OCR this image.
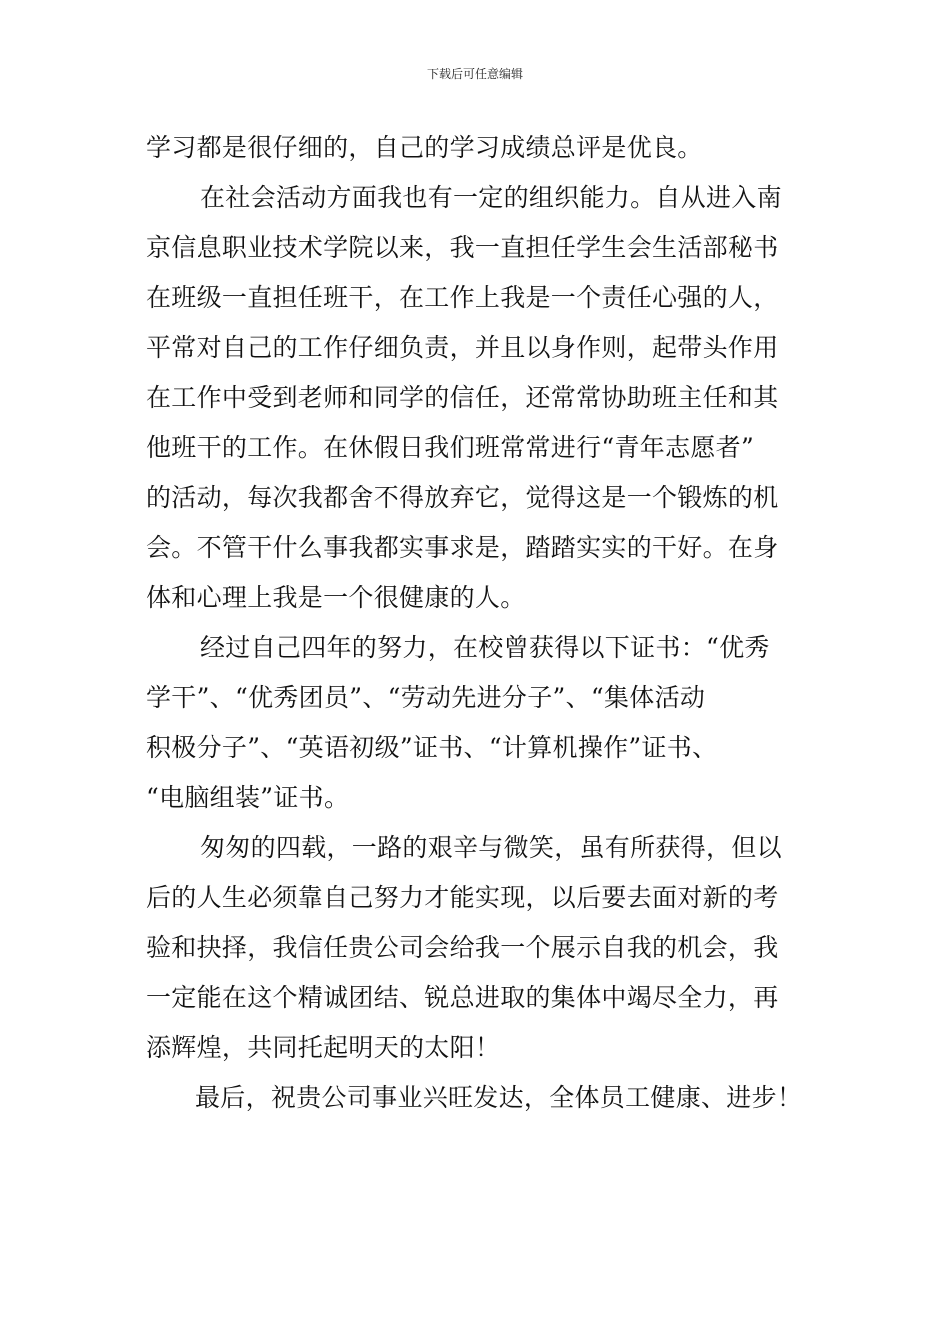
下载后可任意编辑
学习都是很仔细的，自己的学习成绩总评是优良。
在社会活动方面我也有一定的组织能力。自从进入南
京信息职业技术学院以来，我一直担任学生会生活部秘书
在班级一直担任班干，在工作上我是一个责任心强的人，
平常对自己的工作仔细负责，并且以身作则，起带头作用
在工作中受到老师和同学的信任，还常常协助班主任和其
他班干的工作。在休假日我们班常常进行“青年志愿者”
的活动，每次我都舍不得放弃它，觉得这是一个锻炼的机
会。不管干什么事我都实事求是，踏踏实实的干好。在身
体和心理上我是一个很健康的人。
经过自己四年的努力，在校曾获得以下证书：“优秀
学干”、“优秀团员”、“劳动先进分子”、“集体活动
积极分子”、“英语初级”证书、“计算机操作”证书、
“电脑组装”证书。
匆匆的四载，一路的艰辛与微笑，虽有所获得，但以
后的人生必须靠自己努力才能实现，以后要去面对新的考
验和抉择，我信任贵公司会给我一个展示自我的机会，我
一定能在这个精诚团结、锐总进取的集体中竭尽全力，再
添辉煌，共同托起明天的太阳！
最后，祝贵公司事业兴旺发达，全体员工健康、进步！
